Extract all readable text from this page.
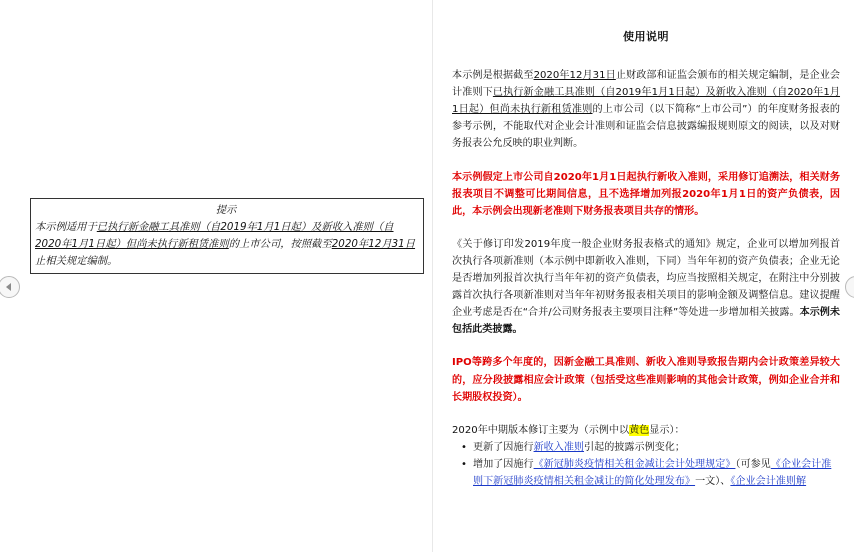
提示
本示例适用于已执行新金融工具准则（自2019年1月1日起）及新收入准则（自2020年1月1日起）但尚未执行新租赁准则的上市公司，按照截至2020年12月31日止相关规定编制。
使用说明

本示例是根据截至2020年12月31日止财政部和证监会颁布的相关规定编制，是企业会计准则下已执行新金融工具准则（自2019年1月1日起）及新收入准则（自2020年1月1日起）但尚未执行新租赁准则的上市公司（以下简称“上市公司”）的年度财务报表的参考示例，不能取代对企业会计准则和证监会信息披露编报规则原文的阅读，以及对财务报表公允反映的职业判断。

本示例假定上市公司自2020年1月1日起执行新收入准则，采用修订追溯法，相关财务报表项目不调整可比期间信息，且不选择增加列报2020年1月1日的资产负债表，因此，本示例会出现新老准则下财务报表项目共存的情形。

《关于修订印发2019年度一般企业财务报表格式的通知》规定，企业可以增加列报首次执行各项新准则（本示例中即新收入准则，下同）当年年初的资产负债表；企业无论是否增加列报首次执行当年年初的资产负债表，均应当按照相关规定，在附注中分别披露首次执行各项新准则对当年年初财务报表相关项目的影响金额及调整信息。建议提醒企业考虑是否在“合并/公司财务报表主要项目注释”等处进一步增加相关披露。本示例未包括此类披露。

IPO等跨多个年度的，因新金融工具准则、新收入准则导致报告期内会计政策差异较大的，应分段披露相应会计政策（包括受这些准则影响的其他会计政策，例如企业合并和长期股权投资）。

2020年中期版本修订主要为（示例中以黄色显示）：

• 更新了因施行新收入准则引起的披露示例变化；
• 增加了因施行《新冠肺炎疫情相关租金减让会计处理规定》（可参见《企业会计准则下新冠肺炎疫情相关租金减让的简化处理发布》一文）、《企业会计准则解
